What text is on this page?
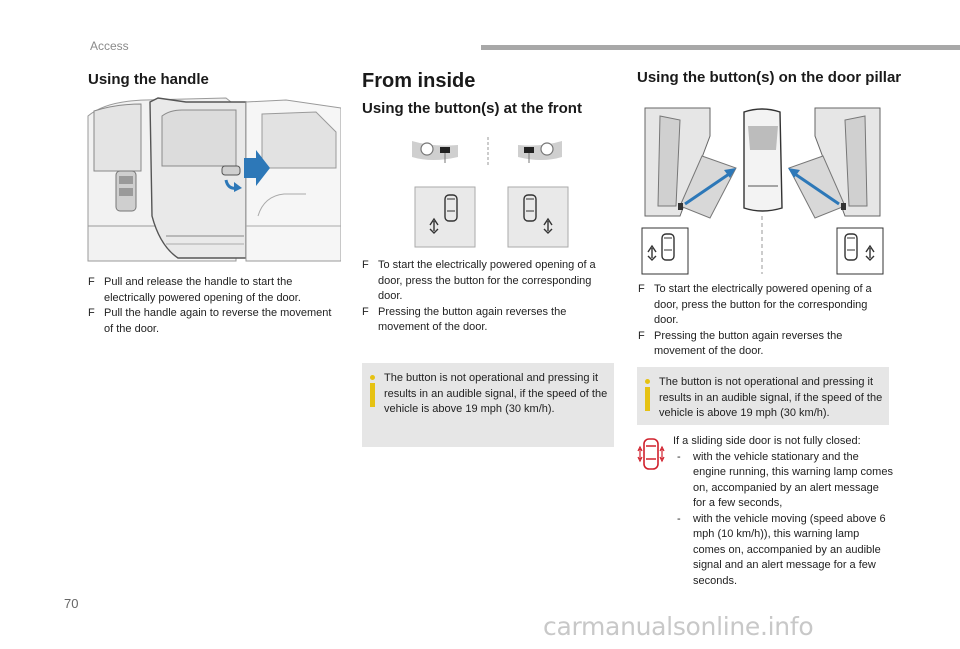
Access
Using the handle
F Pull and release the handle to start the electrically powered opening of the door.
F Pull the handle again to reverse the movement of the door.
From inside
Using the button(s) at the front
F To start the electrically powered opening of a door, press the button for the corresponding door.
F Pressing the button again reverses the movement of the door.
The button is not operational and pressing it results in an audible signal, if the speed of the vehicle is above 19 mph (30 km/h).
Using the button(s) on the door pillar
F To start the electrically powered opening of a door, press the button for the corresponding door.
F Pressing the button again reverses the movement of the door.
The button is not operational and pressing it results in an audible signal, if the speed of the vehicle is above 19 mph (30 km/h).
If a sliding side door is not fully closed:
- with the vehicle stationary and the engine running, this warning lamp comes on, accompanied by an alert message for a few seconds,
- with the vehicle moving (speed above 6 mph (10 km/h)), this warning lamp comes on, accompanied by an audible signal and an alert message for a few seconds.
70
carmanualsonline.info
